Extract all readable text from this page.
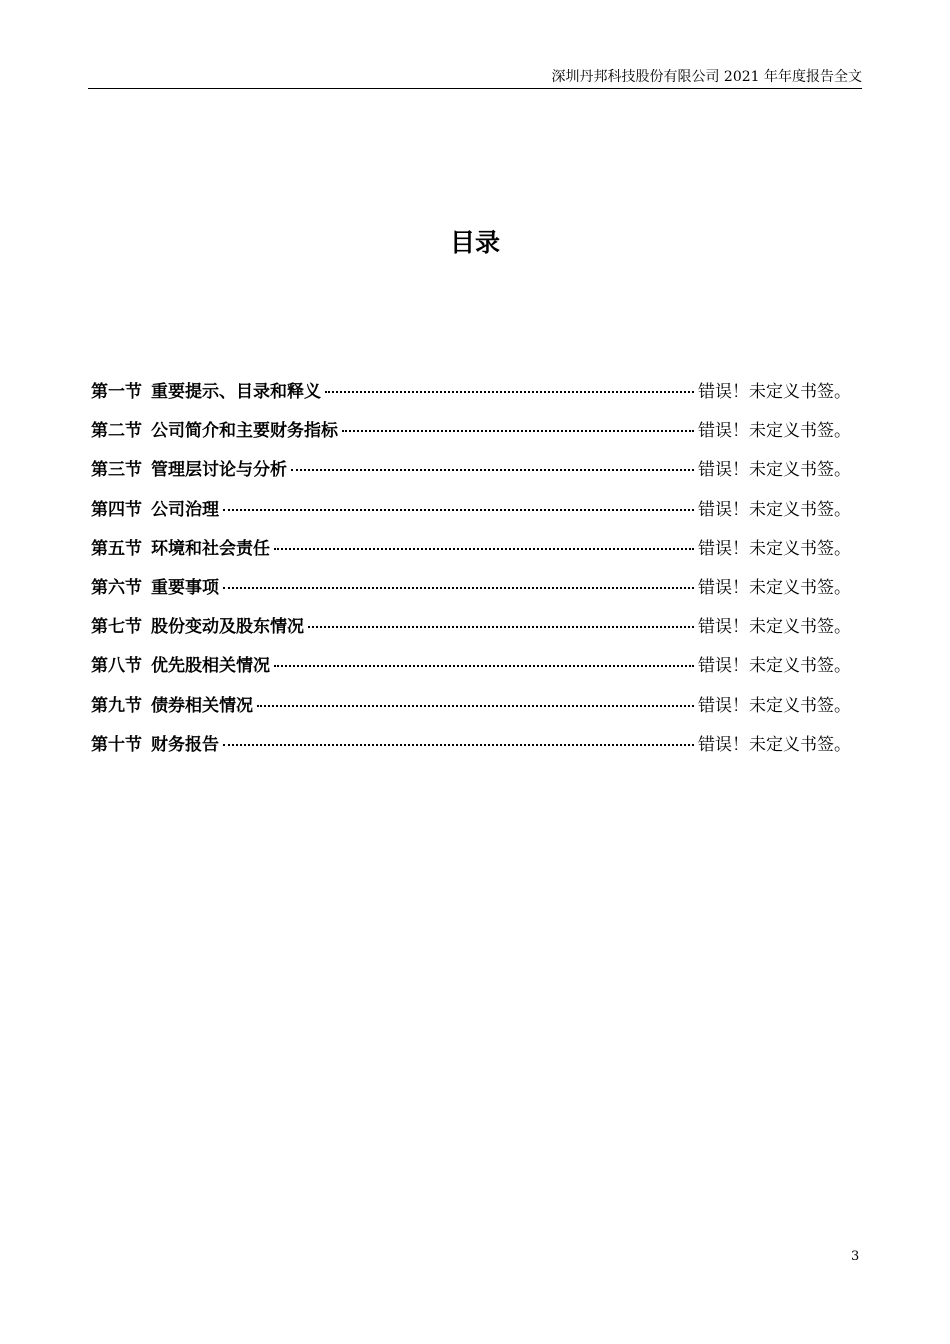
深圳丹邦科技股份有限公司 2021 年年度报告全文
目录
第一节 重要提示、目录和释义	错误！未定义书签。
第二节 公司简介和主要财务指标	错误！未定义书签。
第三节 管理层讨论与分析	错误！未定义书签。
第四节 公司治理	错误！未定义书签。
第五节 环境和社会责任	错误！未定义书签。
第六节 重要事项	错误！未定义书签。
第七节 股份变动及股东情况	错误！未定义书签。
第八节 优先股相关情况	错误！未定义书签。
第九节 债券相关情况	错误！未定义书签。
第十节 财务报告	错误！未定义书签。
3
